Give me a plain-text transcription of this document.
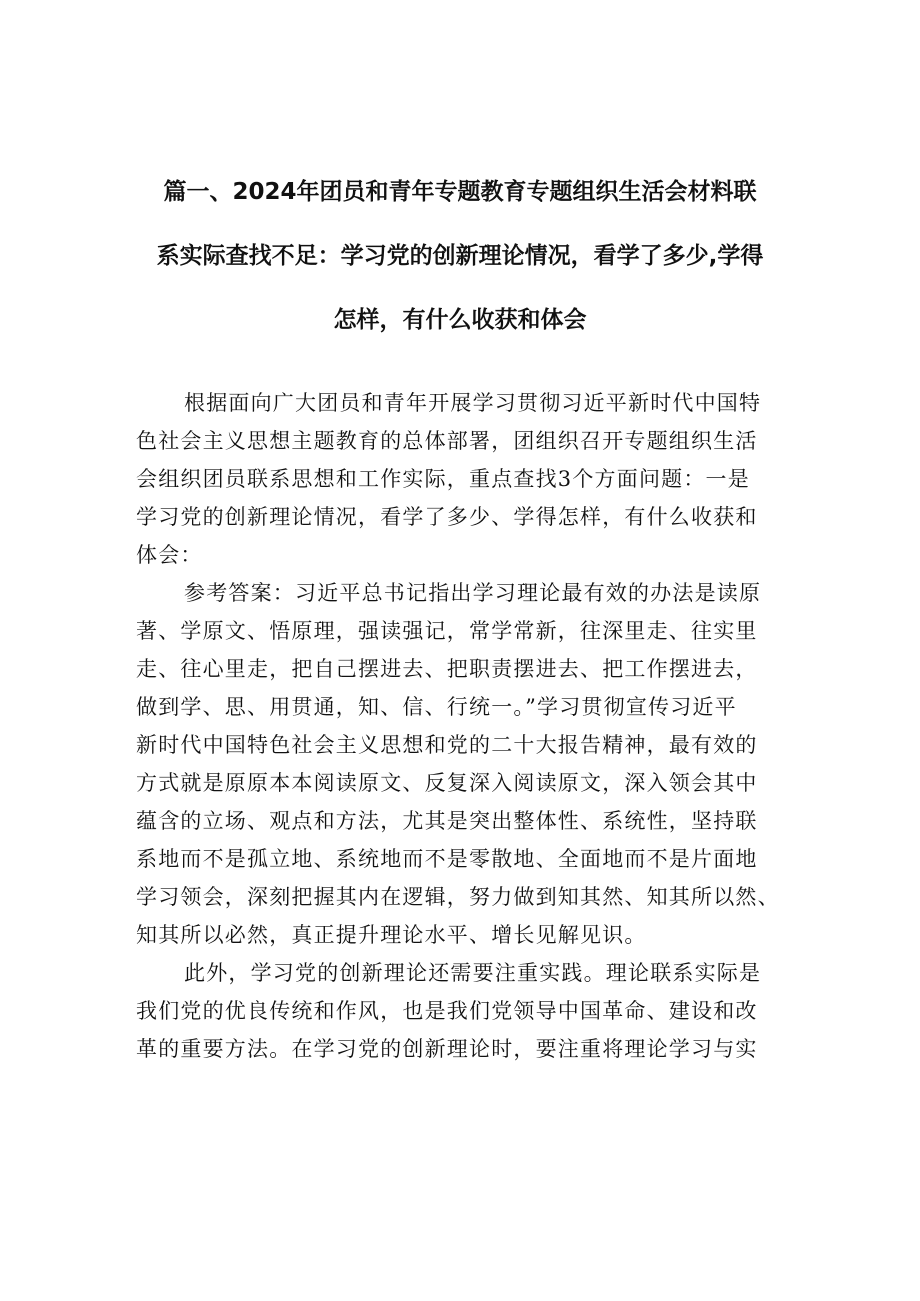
篇一、2024年团员和青年专题教育专题组织生活会材料联
系实际查找不足：学习党的创新理论情况，看学了多少,学得
怎样，有什么收获和体会

根据面向广大团员和青年开展学习贯彻习近平新时代中国特
色社会主义思想主题教育的总体部署，团组织召开专题组织生活
会组织团员联系思想和工作实际，重点查找3个方面问题：一是
学习党的创新理论情况，看学了多少、学得怎样，有什么收获和
体会：

参考答案：习近平总书记指出学习理论最有效的办法是读原
著、学原文、悟原理，强读强记，常学常新，往深里走、往实里
走、往心里走，把自己摆进去、把职责摆进去、把工作摆进去，
做到学、思、用贯通，知、信、行统一。”学习贯彻宣传习近平
新时代中国特色社会主义思想和党的二十大报告精神，最有效的
方式就是原原本本阅读原文、反复深入阅读原文，深入领会其中
蕴含的立场、观点和方法，尤其是突出整体性、系统性，坚持联
系地而不是孤立地、系统地而不是零散地、全面地而不是片面地
学习领会，深刻把握其内在逻辑，努力做到知其然、知其所以然、
知其所以必然，真正提升理论水平、增长见解见识。

此外，学习党的创新理论还需要注重实践。理论联系实际是
我们党的优良传统和作风，也是我们党领导中国革命、建设和改
革的重要方法。在学习党的创新理论时，要注重将理论学习与实
